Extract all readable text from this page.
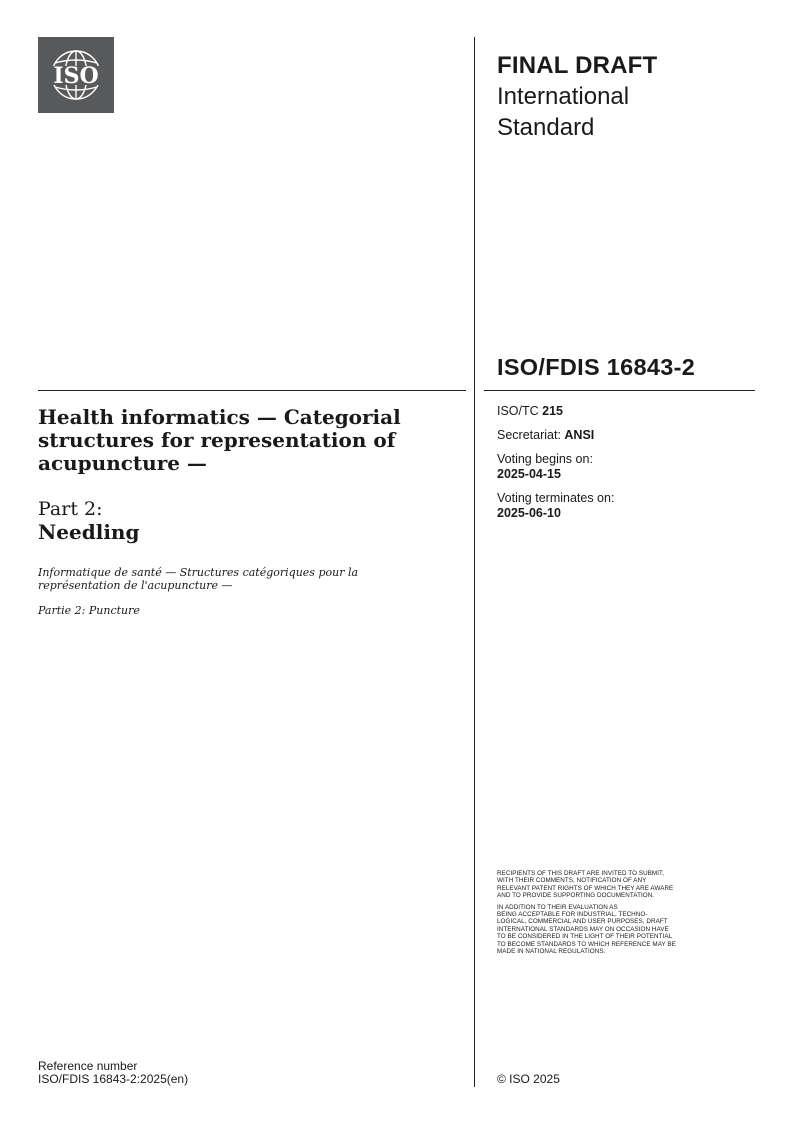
ISO	FINAL DRAFT
International
Standard
ISO/FDIS 16843-2
ISO/TC 215
Secretariat: ANSI
Voting begins on:
2025-04-15
Voting terminates on:
2025-06-10
Health informatics — Categorial
structures for representation of
acupuncture —
Part 2:
Needling
Informatique de santé — Structures catégoriques pour la
représentation de l'acupuncture —
Partie 2: Puncture

RECIPIENTS OF THIS DRAFT ARE INVITED TO SUBMIT,
WITH THEIR COMMENTS, NOTIFICATION OF ANY
RELEVANT PATENT RIGHTS OF WHICH THEY ARE AWARE
AND TO PROVIDE SUPPORTING DOCUMENTATION.

IN ADDITION TO THEIR EVALUATION AS
BEING ACCEPTABLE FOR INDUSTRIAL, TECHNO-
LOGICAL, COMMERCIAL AND USER PURPOSES, DRAFT
INTERNATIONAL STANDARDS MAY ON OCCASION HAVE
TO BE CONSIDERED IN THE LIGHT OF THEIR POTENTIAL
TO BECOME STANDARDS TO WHICH REFERENCE MAY BE
MADE IN NATIONAL REGULATIONS.

Reference number
ISO/FDIS 16843-2:2025(en)	© ISO 2025
